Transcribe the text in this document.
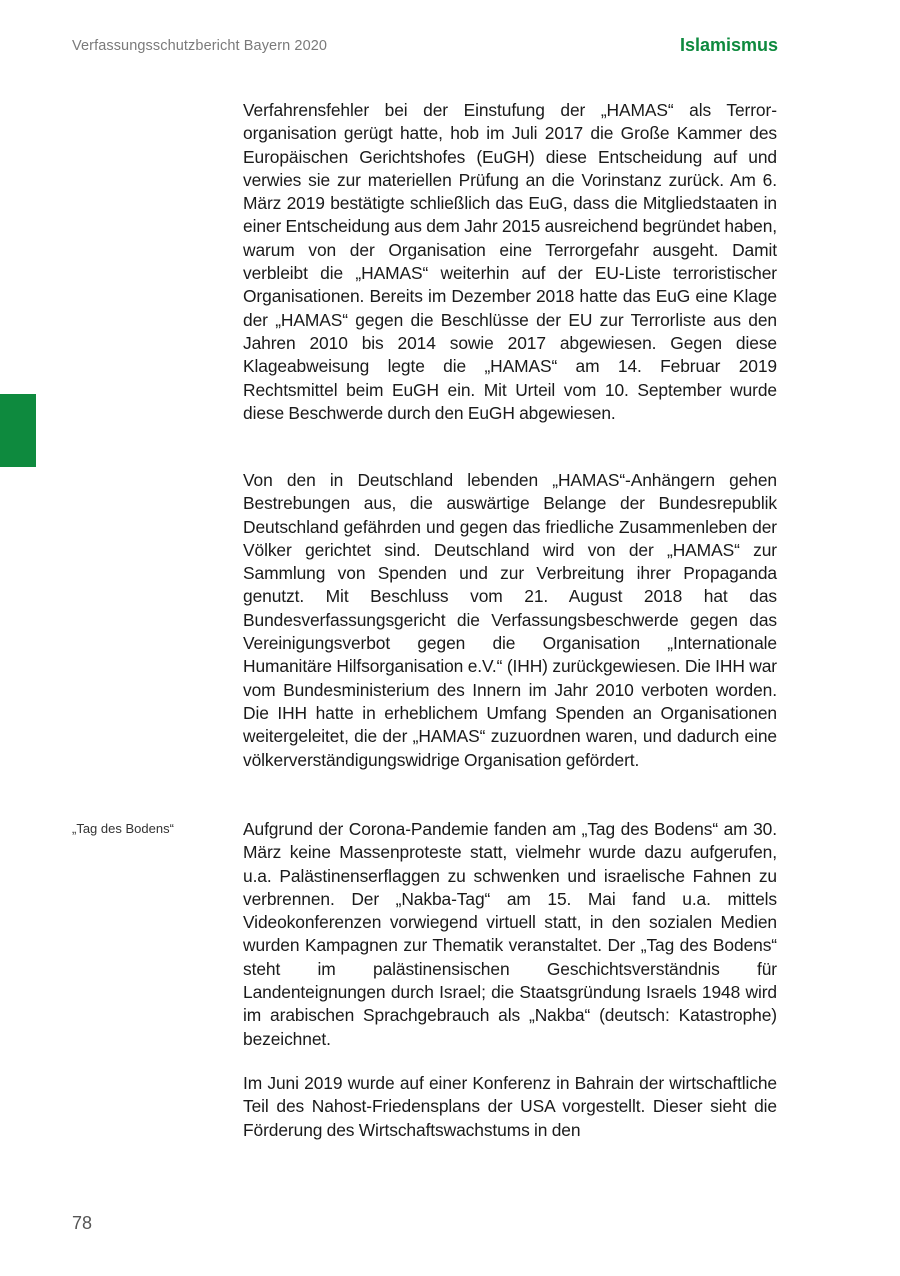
Verfassungsschutzbericht Bayern 2020	Islamismus

Verfahrensfehler bei der Einstufung der „HAMAS“ als Terrororganisation gerügt hatte, hob im Juli 2017 die Große Kammer des Europäischen Gerichtshofes (EuGH) diese Entscheidung auf und verwies sie zur materiellen Prüfung an die Vorinstanz zurück. Am 6. März 2019 bestätigte schließlich das EuG, dass die Mitgliedstaaten in einer Entscheidung aus dem Jahr 2015 ausreichend begründet haben, warum von der Organisation eine Terrorgefahr ausgeht. Damit verbleibt die „HAMAS“ weiterhin auf der EU-Liste terroristischer Organisationen. Bereits im Dezember 2018 hatte das EuG eine Klage der „HAMAS“ gegen die Beschlüsse der EU zur Terrorliste aus den Jahren 2010 bis 2014 sowie 2017 abgewiesen. Gegen diese Klageabweisung legte die „HAMAS“ am 14. Februar 2019 Rechtsmittel beim EuGH ein. Mit Urteil vom 10. September wurde diese Beschwerde durch den EuGH abgewiesen.

Von den in Deutschland lebenden „HAMAS“-Anhängern gehen Bestrebungen aus, die auswärtige Belange der Bundesrepublik Deutschland gefährden und gegen das friedliche Zusammenleben der Völker gerichtet sind. Deutschland wird von der „HAMAS“ zur Sammlung von Spenden und zur Verbreitung ihrer Propaganda genutzt. Mit Beschluss vom 21. August 2018 hat das Bundesverfassungsgericht die Verfassungsbeschwerde gegen das Vereinigungsverbot gegen die Organisation „Internationale Humanitäre Hilfsorganisation e.V.“ (IHH) zurückgewiesen. Die IHH war vom Bundesministerium des Innern im Jahr 2010 verboten worden. Die IHH hatte in erheblichem Umfang Spenden an Organisationen weitergeleitet, die der „HAMAS“ zuzuordnen waren, und dadurch eine völkerverständigungswidrige Organisation gefördert.

„Tag des Bodens“	Aufgrund der Corona-Pandemie fanden am „Tag des Bodens“ am 30. März keine Massenproteste statt, vielmehr wurde dazu aufgerufen, u.a. Palästinenserflaggen zu schwenken und israelische Fahnen zu verbrennen. Der „Nakba-Tag“ am 15. Mai fand u.a. mittels Videokonferenzen vorwiegend virtuell statt, in den sozialen Medien wurden Kampagnen zur Thematik veranstaltet. Der „Tag des Bodens“ steht im palästinensischen Geschichtsverständnis für Landenteignungen durch Israel; die Staatsgründung Israels 1948 wird im arabischen Sprachgebrauch als „Nakba“ (deutsch: Katastrophe) bezeichnet.

Im Juni 2019 wurde auf einer Konferenz in Bahrain der wirtschaftliche Teil des Nahost-Friedensplans der USA vorgestellt. Dieser sieht die Förderung des Wirtschaftswachstums in den

78
